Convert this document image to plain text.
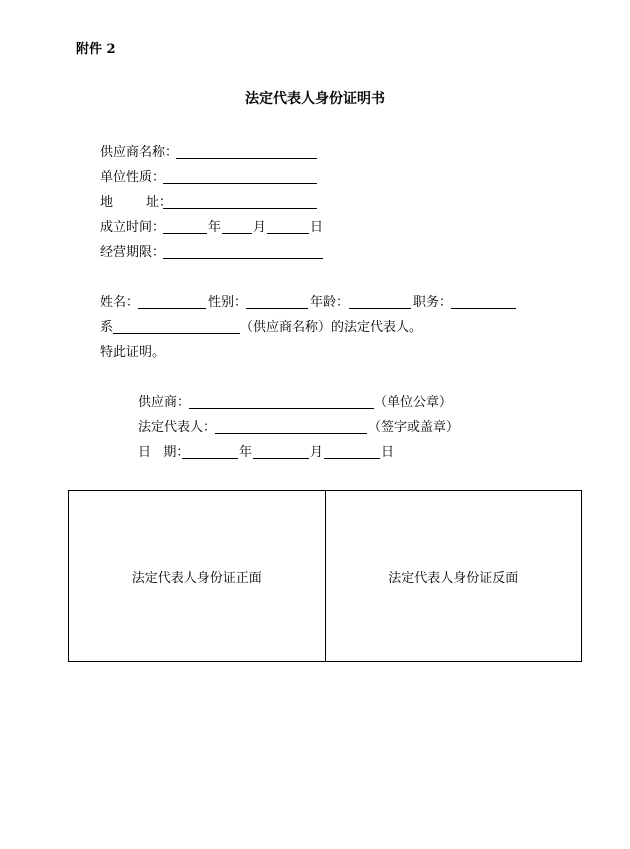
附件 2
法定代表人身份证明书
供应商名称：
单位性质：
地        址：
成立时间：	年 月	日
经营期限：
姓名：	性别：	年龄：	职务：
系	（供应商名称）的法定代表人。
特此证明。
供应商：	（单位公章）
法定代表人：	（签字或盖章）
日   期：	年	月	日
法定代表人身份证正面	法定代表人身份证反面
